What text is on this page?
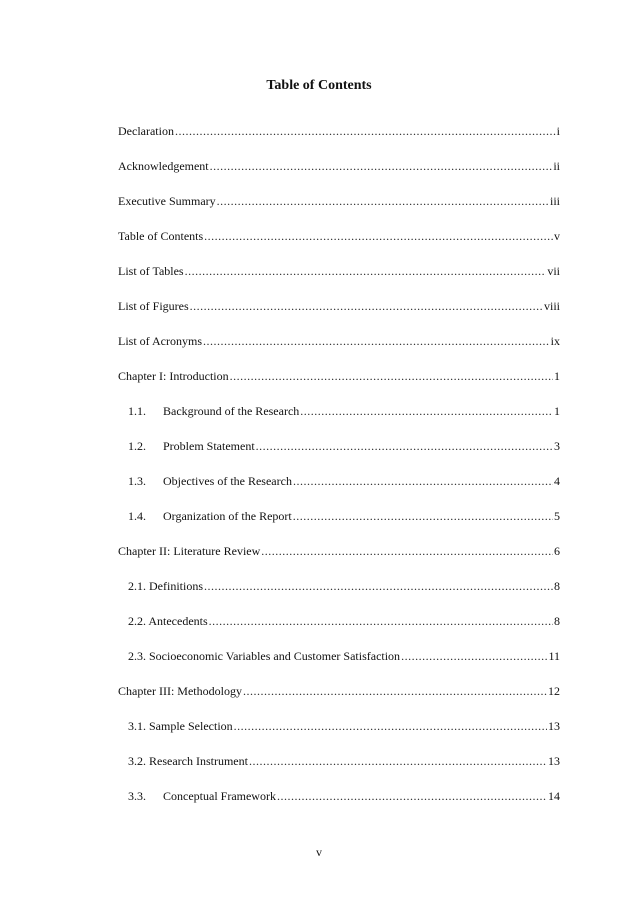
Table of Contents
Declaration .....	i
Acknowledgement .....	ii
Executive Summary .....	iii
Table of Contents .....	v
List of Tables .....	vii
List of Figures .....	viii
List of Acronyms .....	ix
Chapter I: Introduction .....	1
1.1.	Background of the Research .....	1
1.2.	Problem Statement .....	3
1.3.	Objectives of the Research .....	4
1.4.	Organization of the Report .....	5
Chapter II: Literature Review .....	6
2.1. Definitions .....	8
2.2. Antecedents .....	8
2.3. Socioeconomic Variables and Customer Satisfaction .....	11
Chapter III: Methodology .....	12
3.1. Sample Selection .....	13
3.2. Research Instrument .....	13
3.3.	Conceptual Framework .....	14
v
